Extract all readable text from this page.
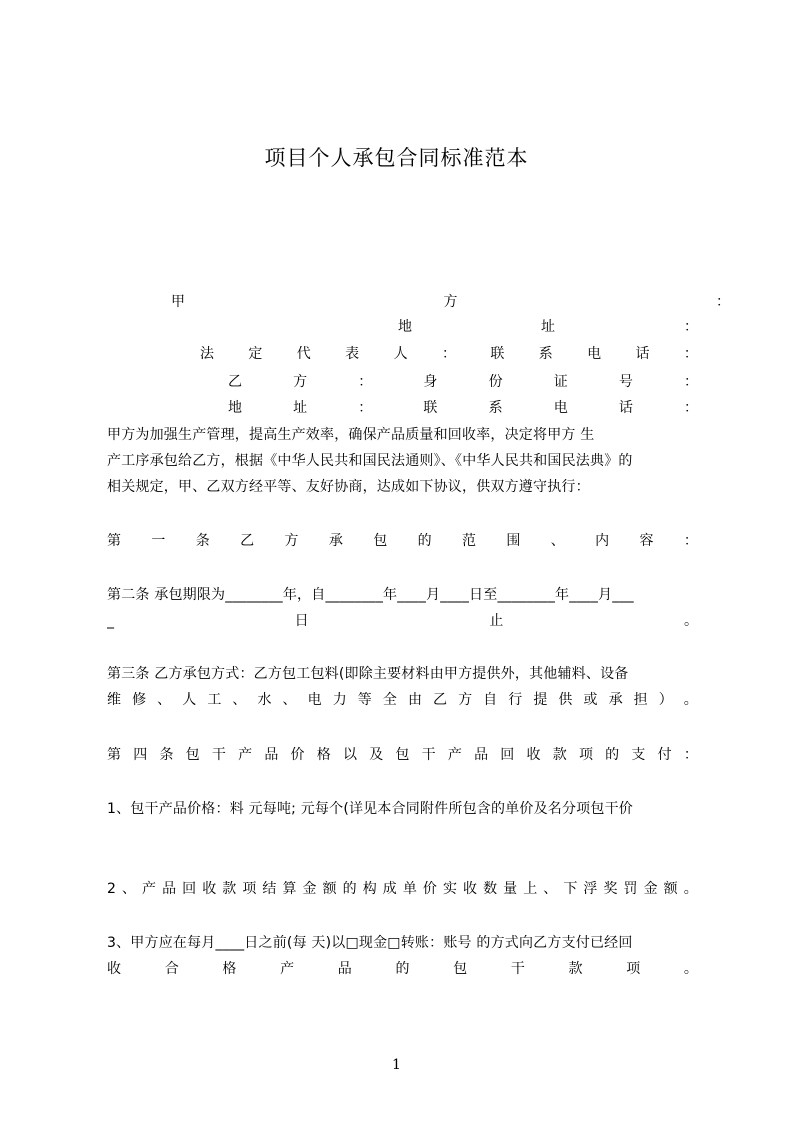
项目个人承包合同标准范本
甲	方	：
地	址	：
法 定 代 表 人 ： 联 系 电 话 ：
乙	方	：	身	份	证	号	：
地	址	：	联	系	电	话	：
甲方为加强生产管理，提高生产效率，确保产品质量和回收率，决定将甲方 生
产工序承包给乙方，根据《中华人民共和国民法通则》、《中华人民共和国民法典》的
相关规定，甲、乙双方经平等、友好协商，达成如下协议，供双方遵守执行：
第 一 条 乙 方 承 包 的 范 围 、 内 容 ：
第二条 承包期限为________年，自________年____月____日至________年____月___
_	日	止	。
第三条 乙方承包方式：乙方包工包料(即除主要材料由甲方提供外，其他辅料、设备
维 修 、 人 工 、 水 、 电 力 等 全 由 乙 方 自 行 提 供 或 承 担 ） 。
第 四 条 包 干 产 品 价 格 以 及 包 干 产 品 回 收 款 项 的 支 付 ：
1、包干产品价格：料 元每吨; 元每个(详见本合同附件所包含的单价及名分项包干价
2 、 产 品 回 收 款 项 结 算 金 额 的 构 成 单 价 实 收 数 量 上 、 下 浮 奖 罚 金 额 。
3、甲方应在每月____日之前(每 天)以□现金□转账：账号 的方式向乙方支付已经回
收	合	格	产	品	的	包	干	款	项	。
1
